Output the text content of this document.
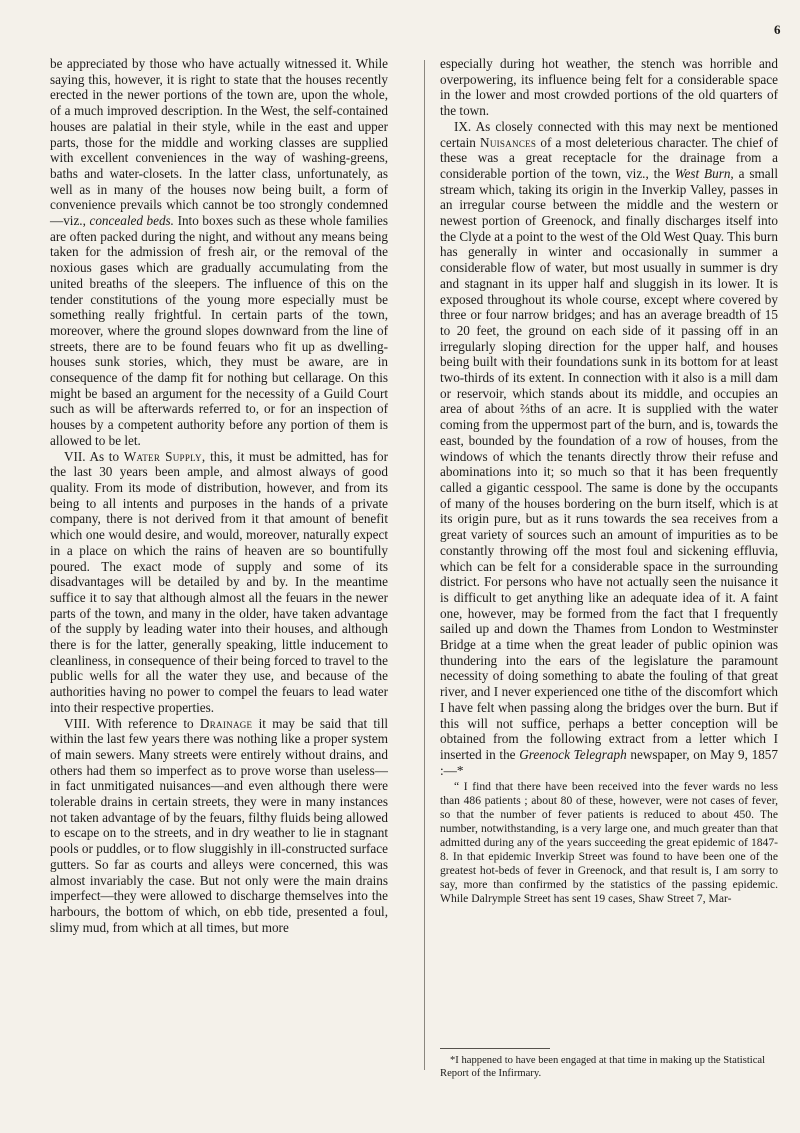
6

be appreciated by those who have actually witnessed it. While saying this, however, it is right to state that the houses recently erected in the newer portions of the town are, upon the whole, of a much improved description. In the West, the self-contained houses are palatial in their style, while in the east and upper parts, those for the middle and working classes are supplied with excellent conveniences in the way of washing-greens, baths and water-closets. In the latter class, unfortunately, as well as in many of the houses now being built, a form of convenience prevails which cannot be too strongly condemned—viz., concealed beds. Into boxes such as these whole families are often packed during the night, and without any means being taken for the admission of fresh air, or the removal of the noxious gases which are gradually accumulating from the united breaths of the sleepers. The influence of this on the tender constitutions of the young more especially must be something really frightful. In certain parts of the town, moreover, where the ground slopes downward from the line of streets, there are to be found feuars who fit up as dwelling-houses sunk stories, which, they must be aware, are in consequence of the damp fit for nothing but cellarage. On this might be based an argument for the necessity of a Guild Court such as will be afterwards referred to, or for an inspection of houses by a competent authority before any portion of them is allowed to be let.

VII. As to Water Supply, this, it must be admitted, has for the last 30 years been ample, and almost always of good quality. From its mode of distribution, however, and from its being to all intents and purposes in the hands of a private company, there is not derived from it that amount of benefit which one would desire, and would, moreover, naturally expect in a place on which the rains of heaven are so bountifully poured. The exact mode of supply and some of its disadvantages will be detailed by and by. In the meantime suffice it to say that although almost all the feuars in the newer parts of the town, and many in the older, have taken advantage of the supply by leading water into their houses, and although there is for the latter, generally speaking, little inducement to cleanliness, in consequence of their being forced to travel to the public wells for all the water they use, and because of the authorities having no power to compel the feuars to lead water into their respective properties.

VIII. With reference to Drainage it may be said that till within the last few years there was nothing like a proper system of main sewers. Many streets were entirely without drains, and others had them so imperfect as to prove worse than useless—in fact unmitigated nuisances—and even although there were tolerable drains in certain streets, they were in many instances not taken advantage of by the feuars, filthy fluids being allowed to escape on to the streets, and in dry weather to lie in stagnant pools or puddles, or to flow sluggishly in ill-constructed surface gutters. So far as courts and alleys were concerned, this was almost invariably the case. But not only were the main drains imperfect—they were allowed to discharge themselves into the harbours, the bottom of which, on ebb tide, presented a foul, slimy mud, from which at all times, but more

especially during hot weather, the stench was horrible and overpowering, its influence being felt for a considerable space in the lower and most crowded portions of the old quarters of the town.

IX. As closely connected with this may next be mentioned certain Nuisances of a most deleterious character. The chief of these was a great receptacle for the drainage from a considerable portion of the town, viz., the West Burn, a small stream which, taking its origin in the Inverkip Valley, passes in an irregular course between the middle and the western or newest portion of Greenock, and finally discharges itself into the Clyde at a point to the west of the Old West Quay. This burn has generally in winter and occasionally in summer a considerable flow of water, but most usually in summer is dry and stagnant in its upper half and sluggish in its lower. It is exposed throughout its whole course, except where covered by three or four narrow bridges; and has an average breadth of 15 to 20 feet, the ground on each side of it passing off in an irregularly sloping direction for the upper half, and houses being built with their foundations sunk in its bottom for at least two-thirds of its extent. In connection with it also is a mill dam or reservoir, which stands about its middle, and occupies an area of about ⅔ths of an acre. It is supplied with the water coming from the uppermost part of the burn, and is, towards the east, bounded by the foundation of a row of houses, from the windows of which the tenants directly throw their refuse and abominations into it; so much so that it has been frequently called a gigantic cesspool. The same is done by the occupants of many of the houses bordering on the burn itself, which is at its origin pure, but as it runs towards the sea receives from a great variety of sources such an amount of impurities as to be constantly throwing off the most foul and sickening effluvia, which can be felt for a considerable space in the surrounding district. For persons who have not actually seen the nuisance it is difficult to get anything like an adequate idea of it. A faint one, however, may be formed from the fact that I frequently sailed up and down the Thames from London to Westminster Bridge at a time when the great leader of public opinion was thundering into the ears of the legislature the paramount necessity of doing something to abate the fouling of that great river, and I never experienced one tithe of the discomfort which I have felt when passing along the bridges over the burn. But if this will not suffice, perhaps a better conception will be obtained from the following extract from a letter which I inserted in the Greenock Telegraph newspaper, on May 9, 1857 :—*

“ I find that there have been received into the fever wards no less than 486 patients ; about 80 of these, however, were not cases of fever, so that the number of fever patients is reduced to about 450. The number, notwithstanding, is a very large one, and much greater than that admitted during any of the years succeeding the great epidemic of 1847-8. In that epidemic Inverkip Street was found to have been one of the greatest hot-beds of fever in Greenock, and that result is, I am sorry to say, more than confirmed by the statistics of the passing epidemic. While Dalrymple Street has sent 19 cases, Shaw Street 7, Mar-

*I happened to have been engaged at that time in making up the Statistical Report of the Infirmary.
